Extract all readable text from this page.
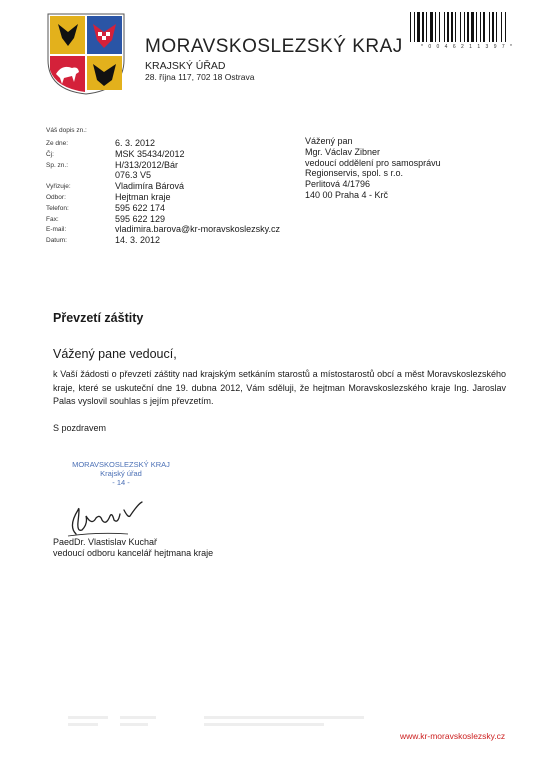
MORAVSKOSLEZSKÝ KRAJ
KRAJSKÝ ÚŘAD
28. října 117, 702 18 Ostrava
* 0 0 4 6 2 1 1 3 9 7 *
Váš dopis zn.:
Ze dne:	6. 3. 2012
Čj:	MSK 35434/2012
Sp. zn.:	H/313/2012/Bár
076.3 V5
Vyřizuje:	Vladimíra Bárová
Odbor:	Hejtman kraje
Telefon:	595 622 174
Fax:	595 622 129
E-mail:	vladimira.barova@kr-moravskoslezsky.cz
Datum:	14. 3. 2012
Vážený pan
Mgr. Václav Zibner
vedoucí oddělení pro samosprávu
Regionservis, spol. s r.o.
Perlitová 4/1796
140 00 Praha 4 - Krč
Převzetí záštity
Vážený pane vedoucí,
k Vaší žádosti o převzetí záštity nad krajským setkáním starostů a místostarostů obcí a měst Moravskoslezského kraje, které se uskuteční dne 19. dubna 2012, Vám sděluji, že hejtman Moravskoslezského kraje Ing. Jaroslav Palas vyslovil souhlas s jejím převzetím.
S pozdravem
MORAVSKOSLEZSKÝ KRAJ
Krajský úřad
- 14 -
PaedDr. Vlastislav Kuchař
vedoucí odboru kancelář hejtmana kraje
www.kr-moravskoslezsky.cz
